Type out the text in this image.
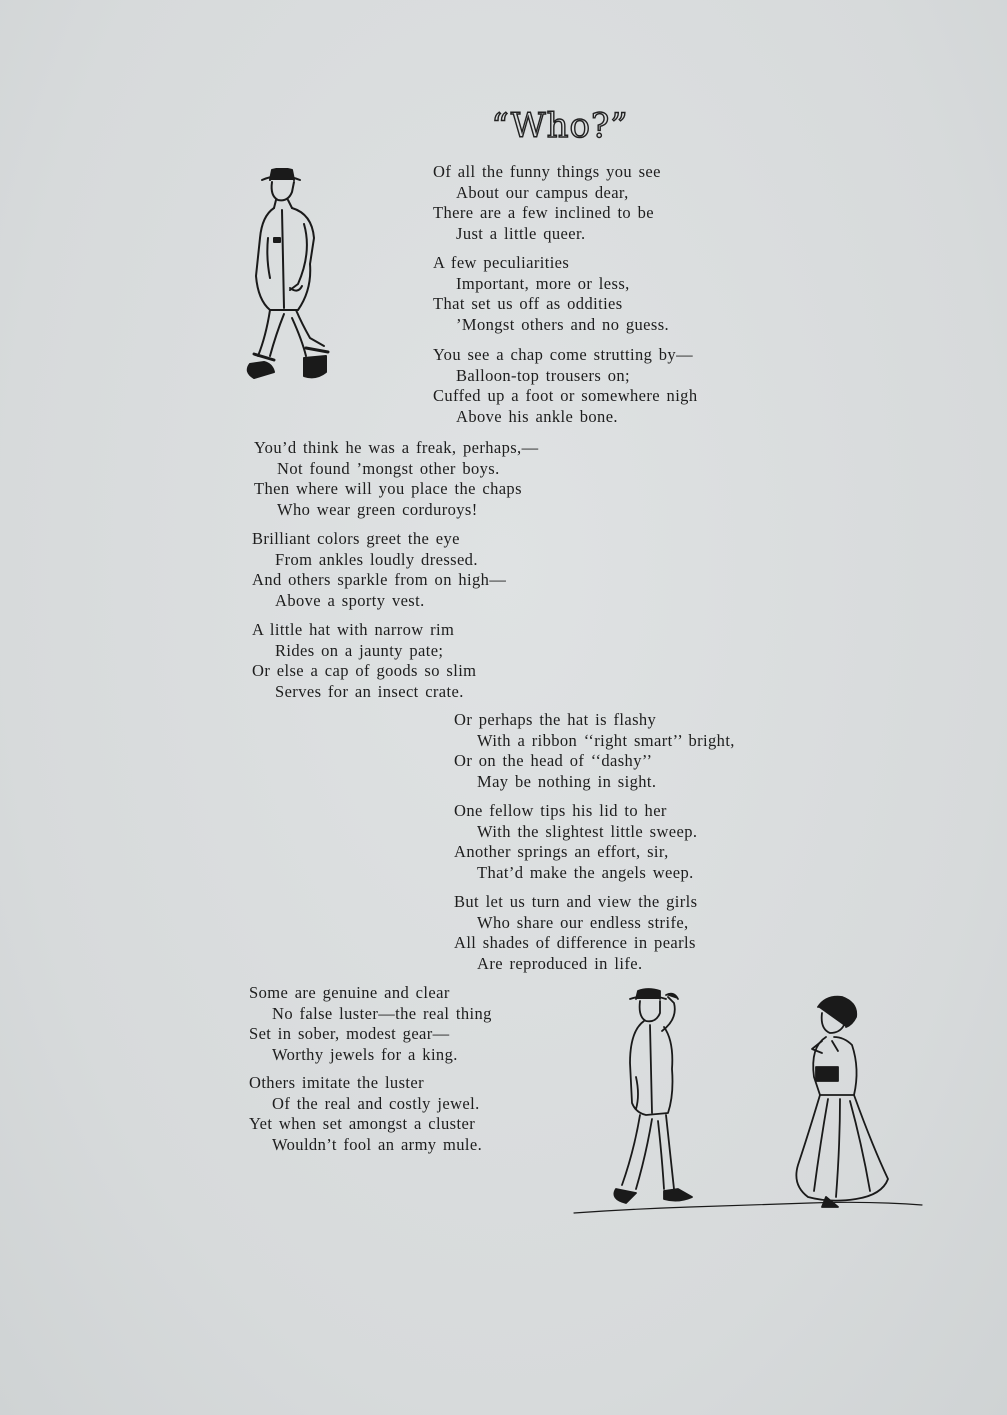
“Who?”
Of all the funny things you see
About our campus dear,
There are a few inclined to be
Just a little queer.
A few peculiarities
Important, more or less,
That set us off as oddities
’Mongst others and no guess.
You see a chap come strutting by—
Balloon-top trousers on;
Cuffed up a foot or somewhere nigh
Above his ankle bone.
You’d think he was a freak, perhaps,—
Not found ’mongst other boys.
Then where will you place the chaps
Who wear green corduroys!
Brilliant colors greet the eye
From ankles loudly dressed.
And others sparkle from on high—
Above a sporty vest.
A little hat with narrow rim
Rides on a jaunty pate;
Or else a cap of goods so slim
Serves for an insect crate.
Or perhaps the hat is flashy
With a ribbon ‘‘right smart’’ bright,
Or on the head of ‘‘dashy’’
May be nothing in sight.
One fellow tips his lid to her
With the slightest little sweep.
Another springs an effort, sir,
That’d make the angels weep.
But let us turn and view the girls
Who share our endless strife,
All shades of difference in pearls
Are reproduced in life.
Some are genuine and clear
No false luster—the real thing
Set in sober, modest gear—
Worthy jewels for a king.
Others imitate the luster
Of the real and costly jewel.
Yet when set amongst a cluster
Wouldn’t fool an army mule.
